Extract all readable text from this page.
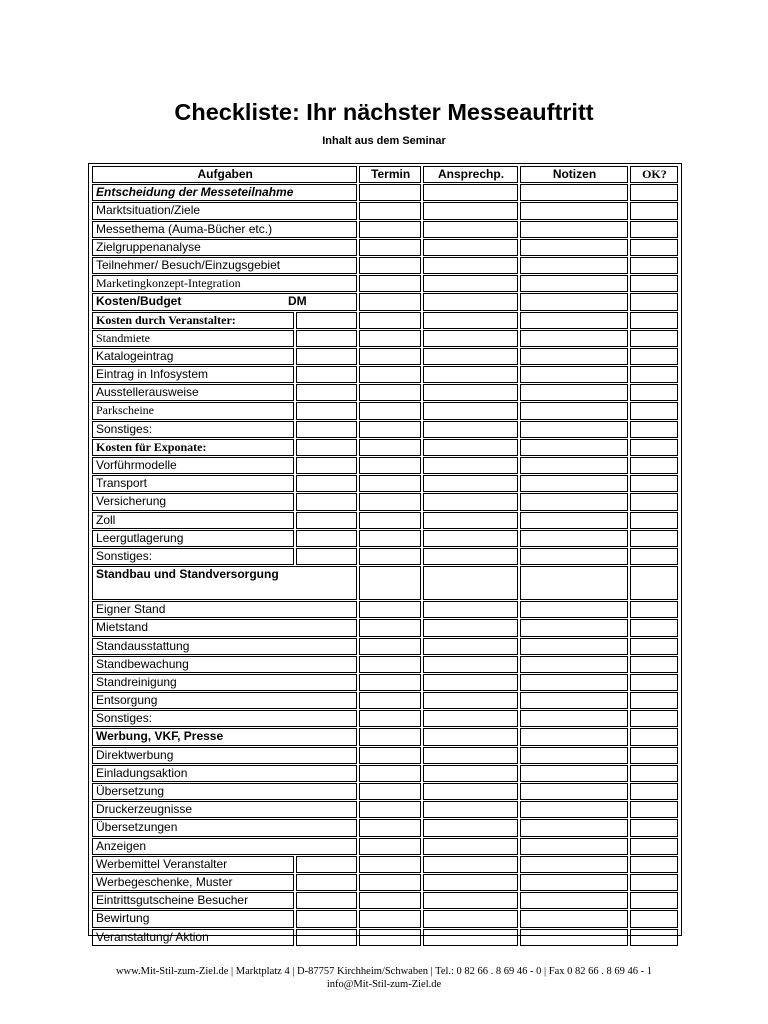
Checkliste: Ihr nächster Messeauftritt
Inhalt aus dem Seminar
Aufgaben		Termin	Ansprechp.	Notizen	OK?
Entscheidung der Messeteilnahme					
Marktsituation/Ziele					
Messethema (Auma-Bücher etc.)					
Zielgruppenanalyse					
Teilnehmer/ Besuch/Einzugsgebiet					
Marketingkonzept-Integration					

Kosten/Budget DM					

Kosten durch Veranstalter:					
Standmiete					
Katalogeintrag					
Eintrag in Infosystem					
Ausstellerausweise					
Parkscheine					
Sonstiges:					
Kosten für Exponate:					
Vorführmodelle					
Transport					
Versicherung					
Zoll					
Leergutlagerung					
Sonstiges:					
Standbau und Standversorgung					
Eigner Stand					
Mietstand					
Standausstattung					
Standbewachung					
Standreinigung					
Entsorgung					
Sonstiges:					
Werbung, VKF, Presse					
Direktwerbung					
Einladungsaktion					
Übersetzung					
Druckerzeugnisse					
Übersetzungen					
Anzeigen					
Werbemittel Veranstalter					
Werbegeschenke, Muster					
Eintrittsgutscheine Besucher					
Bewirtung					
Veranstaltung/ Aktion					
www.Mit-Stil-zum-Ziel.de | Marktplatz 4 | D-87757 Kirchheim/Schwaben | Tel.: 0 82 66 . 8 69 46 - 0 | Fax 0 82 66 . 8 69 46 - 1
info@Mit-Stil-zum-Ziel.de
